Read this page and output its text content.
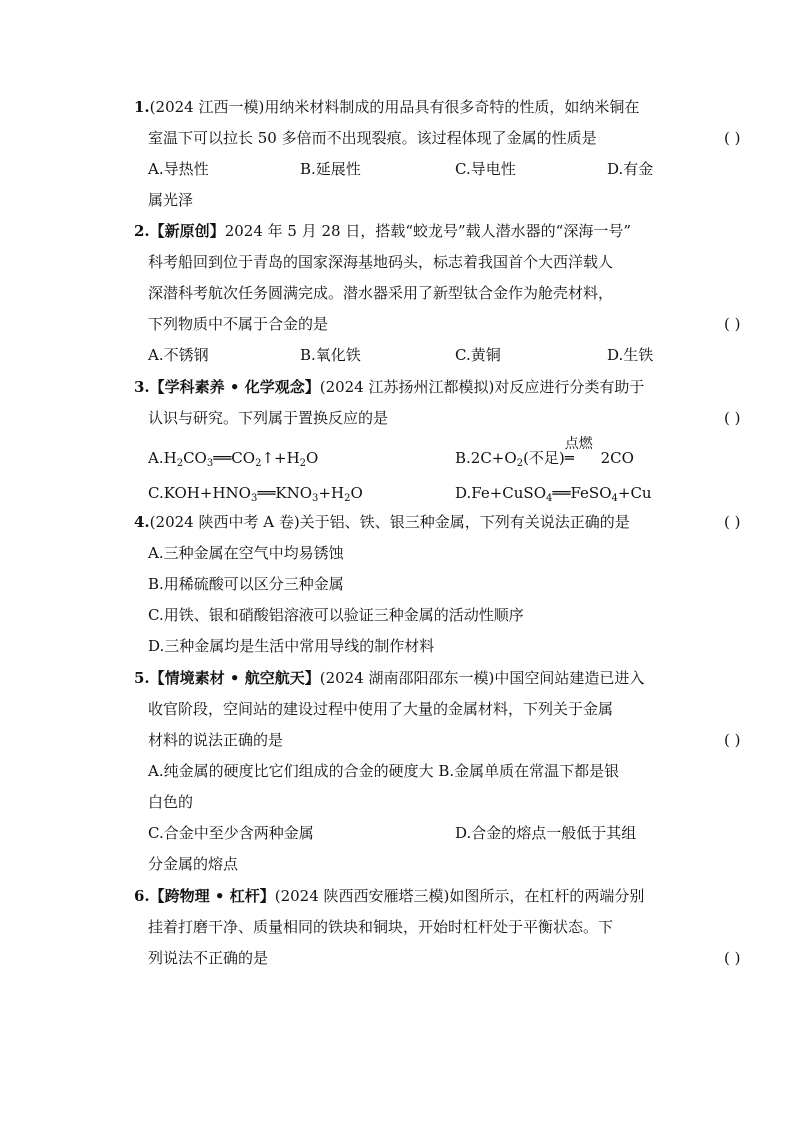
1.(2024 江西一模)用纳米材料制成的用品具有很多奇特的性质，如纳米铜在
室温下可以拉长 50 多倍而不出现裂痕。该过程体现了金属的性质是	( )
A.导热性	B.延展性	C.导电性	D.有金
属光泽
2.【新原创】2024 年 5 月 28 日，搭载“蛟龙号”载人潜水器的“深海一号”
科考船回到位于青岛的国家深海基地码头，标志着我国首个大西洋载人
深潜科考航次任务圆满完成。潜水器采用了新型钛合金作为舱壳材料，
下列物质中不属于合金的是	( )
A.不锈钢	B.氧化铁	C.黄铜	D.生铁
3.【学科素养 • 化学观念】(2024 江苏扬州江都模拟)对反应进行分类有助于
认识与研究。下列属于置换反应的是	( )
$A.H_2CO_3══CO_2↑+H_2O$	$B.2C+O_2$(不足)
点燃
═ 2CO
$C.KOH+HNO_3══KNO_3+H_2O$	D.Fe+CuSO$_4$══FeSO$_4$+Cu
4.(2024 陕西中考 A 卷)关于铝、铁、银三种金属，下列有关说法正确的是	( )
A.三种金属在空气中均易锈蚀
B.用稀硫酸可以区分三种金属
C.用铁、银和硝酸铝溶液可以验证三种金属的活动性顺序
D.三种金属均是生活中常用导线的制作材料
5.【情境素材 • 航空航天】(2024 湖南邵阳邵东一模)中国空间站建造已进入
收官阶段，空间站的建设过程中使用了大量的金属材料，下列关于金属
材料的说法正确的是	( )
A.纯金属的硬度比它们组成的合金的硬度大 B.金属单质在常温下都是银
白色的
C.合金中至少含两种金属	D.合金的熔点一般低于其组
分金属的熔点
6.【跨物理 • 杠杆】(2024 陕西西安雁塔三模)如图所示，在杠杆的两端分别
挂着打磨干净、质量相同的铁块和铜块，开始时杠杆处于平衡状态。下
列说法不正确的是	( )
